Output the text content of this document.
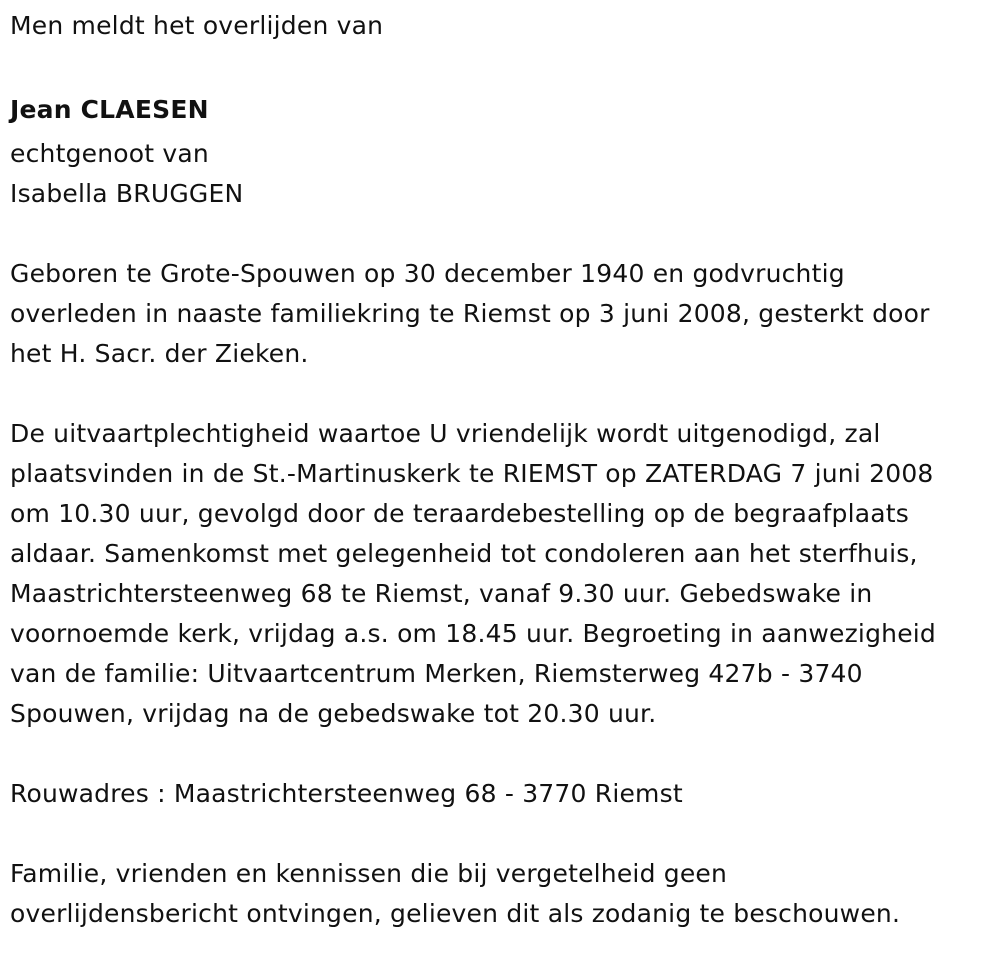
Men meldt het overlijden van
Jean CLAESEN
echtgenoot van
Isabella BRUGGEN
Geboren te Grote-Spouwen op 30 december 1940 en godvruchtig
overleden in naaste familiekring te Riemst op 3 juni 2008, gesterkt door
het H. Sacr. der Zieken.
De uitvaartplechtigheid waartoe U vriendelijk wordt uitgenodigd, zal
plaatsvinden in de St.-Martinuskerk te RIEMST op ZATERDAG 7 juni 2008
om 10.30 uur, gevolgd door de teraardebestelling op de begraafplaats
aldaar. Samenkomst met gelegenheid tot condoleren aan het sterfhuis,
Maastrichtersteenweg 68 te Riemst, vanaf 9.30 uur. Gebedswake in
voornoemde kerk, vrijdag a.s. om 18.45 uur. Begroeting in aanwezigheid
van de familie: Uitvaartcentrum Merken, Riemsterweg 427b - 3740
Spouwen, vrijdag na de gebedswake tot 20.30 uur.
Rouwadres : Maastrichtersteenweg 68 - 3770 Riemst
Familie, vrienden en kennissen die bij vergetelheid geen
overlijdensbericht ontvingen, gelieven dit als zodanig te beschouwen.
